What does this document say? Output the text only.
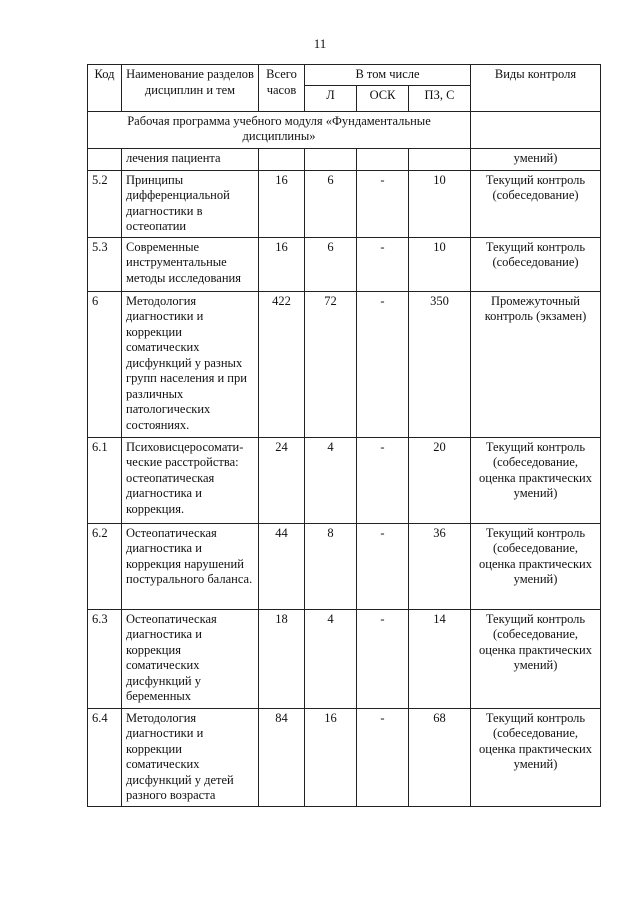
11
Код	Наименование разделов дисциплин и тем	Всего часов	В том числе			Виды контроля
			Л	ОСК	ПЗ, С	
Рабочая программа учебного модуля «Фундаментальные дисциплины»						
	лечения пациента					умений)
5.2	Принципы дифференциальной диагностики в остеопатии	16	6	-	10	Текущий контроль (собеседование)
5.3	Современные инструментальные методы исследования	16	6	-	10	Текущий контроль (собеседование)
6	Методология диагностики и коррекции соматических дисфункций у разных групп населения и при различных патологических состояниях.	422	72	-	350	Промежуточный контроль (экзамен)
6.1	Психовисцеросомати-ческие расстройства: остеопатическая диагностика и коррекция.	24	4	-	20	Текущий контроль (собеседование, оценка практических умений)
6.2	Остеопатическая диагностика и коррекция нарушений постурального баланса.	44	8	-	36	Текущий контроль (собеседование, оценка практических умений)
6.3	Остеопатическая диагностика и коррекция соматических дисфункций у беременных	18	4	-	14	Текущий контроль (собеседование, оценка практических умений)
6.4	Методология диагностики и коррекции соматических дисфункций у детей разного возраста	84	16	-	68	Текущий контроль (собеседование, оценка практических умений)
